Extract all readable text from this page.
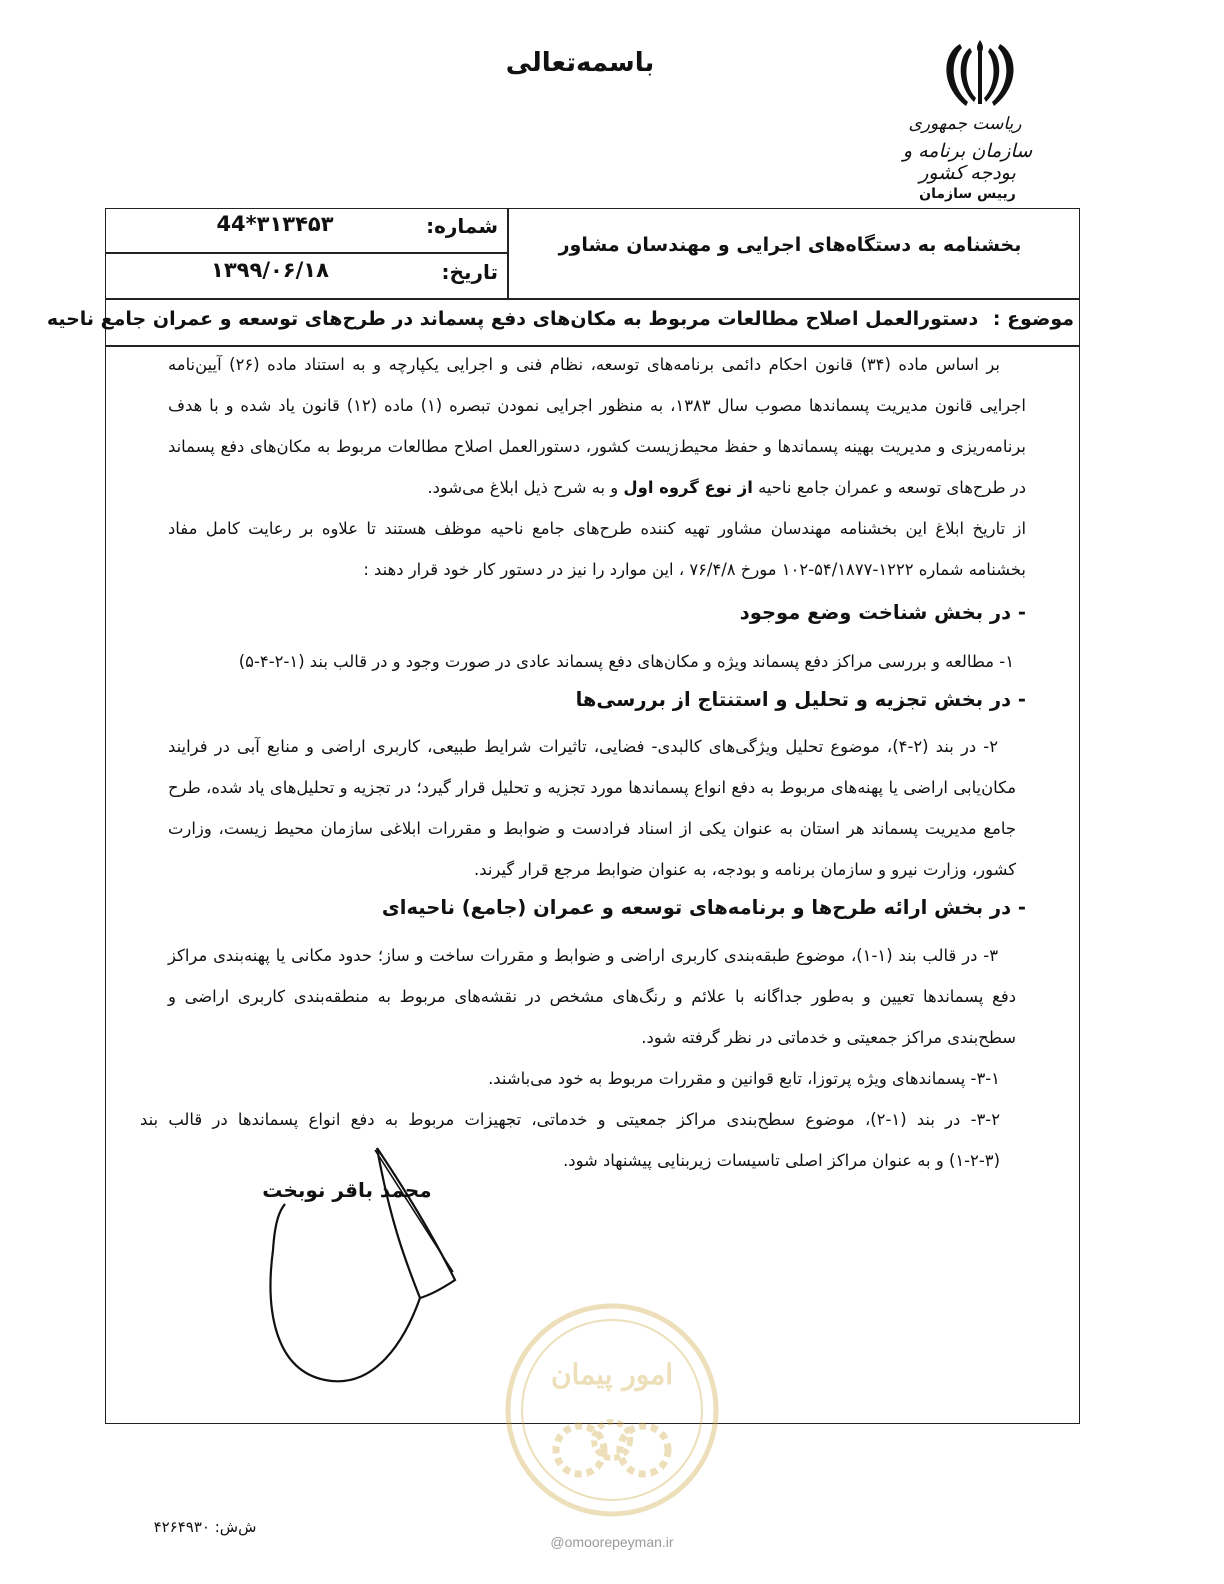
باسمه‌تعالی
ریاست جمهوری
سازمان برنامه و بودجه کشور
رییس سازمان
شماره:
44*۳۱۳۴۵۳
تاریخ:
۱۳۹۹/۰۶/۱۸
بخشنامه به دستگاه‌های اجرایی و مهندسان مشاور
موضوع : دستورالعمل اصلاح مطالعات مربوط به مکان‌های دفع پسماند در طرح‌های توسعه و عمران جامع ناحیه
بر اساس ماده (۳۴) قانون احکام دائمی برنامه‌های توسعه، نظام فنی و اجرایی یکپارچه و به استناد ماده (۲۶) آیین‌نامه اجرایی قانون مدیریت پسماندها مصوب سال ۱۳۸۳، به منظور اجرایی نمودن تبصره (۱) ماده (۱۲) قانون یاد شده و با هدف برنامه‌ریزی و مدیریت بهینه پسماندها و حفظ محیط‌زیست کشور، دستورالعمل اصلاح مطالعات مربوط به مکان‌های دفع پسماند در طرح‌های توسعه و عمران جامع ناحیه از نوع گروه اول و به شرح ذیل ابلاغ می‌شود.
از تاریخ ابلاغ این بخشنامه مهندسان مشاور تهیه کننده طرح‌های جامع ناحیه موظف هستند تا علاوه بر رعایت کامل مفاد بخشنامه شماره ۱۲۲۲-۵۴/۱۸۷۷-۱۰۲ مورخ ۷۶/۴/۸ ، این موارد را نیز در دستور کار خود قرار دهند :
- در بخش شناخت وضع موجود
۱- مطالعه و بررسی مراکز دفع پسماند ویژه و مکان‌های دفع پسماند عادی در صورت وجود و در قالب بند (۱-۲-۴-۵)
- در بخش تجزیه و تحلیل و استنتاج از بررسی‌ها
۲- در بند (۲-۴)، موضوع تحلیل ویژگی‌های کالبدی- فضایی، تاثیرات شرایط طبیعی، کاربری اراضی و منابع آبی در فرایند مکان‌یابی اراضی یا پهنه‌های مربوط به دفع انواع پسماندها مورد تجزیه و تحلیل قرار گیرد؛ در تجزیه و تحلیل‌های یاد شده، طرح جامع مدیریت پسماند هر استان به عنوان یکی از اسناد فرادست و ضوابط و مقررات ابلاغی سازمان محیط زیست، وزارت کشور، وزارت نیرو و سازمان برنامه و بودجه، به عنوان ضوابط مرجع قرار گیرند.
- در بخش ارائه طرح‌ها و برنامه‌های توسعه و عمران (جامع) ناحیه‌ای
۳- در قالب بند (۱-۱)، موضوع طبقه‌بندی کاربری اراضی و ضوابط و مقررات ساخت و ساز؛ حدود مکانی یا پهنه‌بندی مراکز دفع پسماندها تعیین و به‌طور جداگانه با علائم و رنگ‌های مشخص در نقشه‌های مربوط به منطقه‌بندی کاربری اراضی و سطح‌بندی مراکز جمعیتی و خدماتی در نظر گرفته شود.
۳-۱- پسماندهای ویژه پرتوزا، تابع قوانین و مقررات مربوط به خود می‌باشند.
۳-۲- در بند (۱-۲)، موضوع سطح‌بندی مراکز جمعیتی و خدماتی، تجهیزات مربوط به دفع انواع پسماندها در قالب بند
(۱-۲-۳) و به عنوان مراکز اصلی تاسیسات زیربنایی پیشنهاد شود.
محمد باقر نوبخت
امور پیمان
@omoorepeyman.ir
ش‌ش: ۴۲۶۴۹۳۰
